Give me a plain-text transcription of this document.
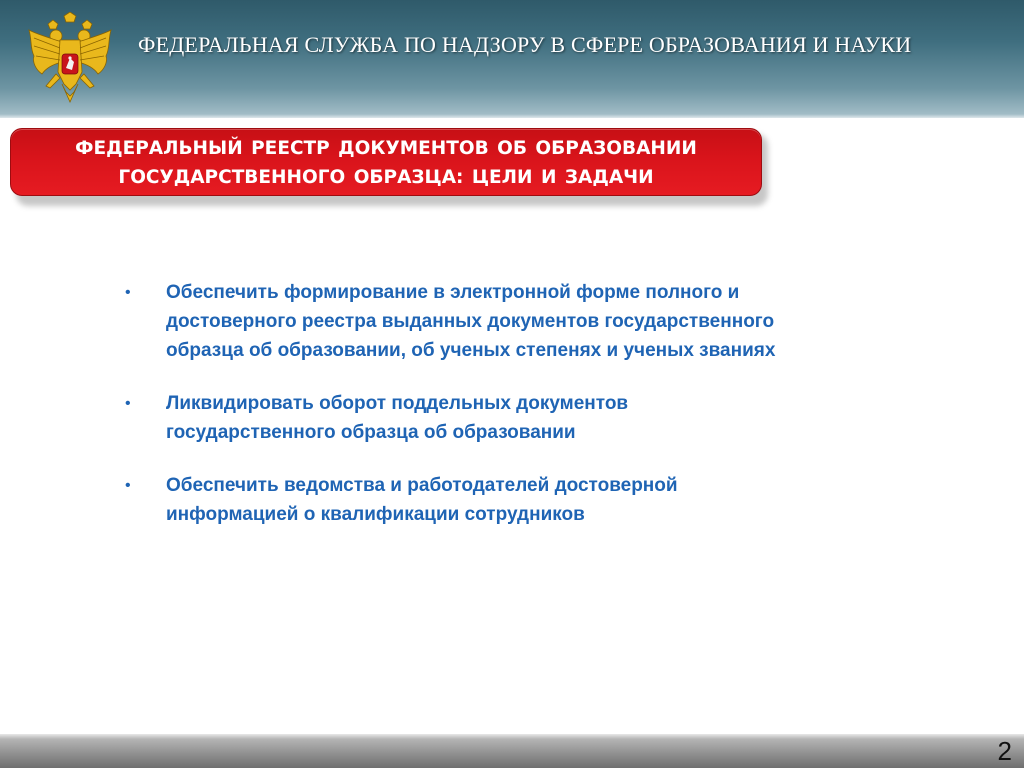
ФЕДЕРАЛЬНАЯ СЛУЖБА ПО НАДЗОРУ В СФЕРЕ ОБРАЗОВАНИЯ И НАУКИ
ФЕДЕРАЛЬНЫЙ РЕЕСТР ДОКУМЕНТОВ ОБ ОБРАЗОВАНИИ
ГОСУДАРСТВЕННОГО ОБРАЗЦА: ЦЕЛИ И ЗАДАЧИ
• Обеспечить формирование в электронной форме полного и
достоверного реестра выданных документов государственного
образца об образовании, об ученых степенях и ученых званиях
• Ликвидировать оборот поддельных документов
государственного образца об образовании
• Обеспечить ведомства и работодателей достоверной
информацией о квалификации сотрудников
2
